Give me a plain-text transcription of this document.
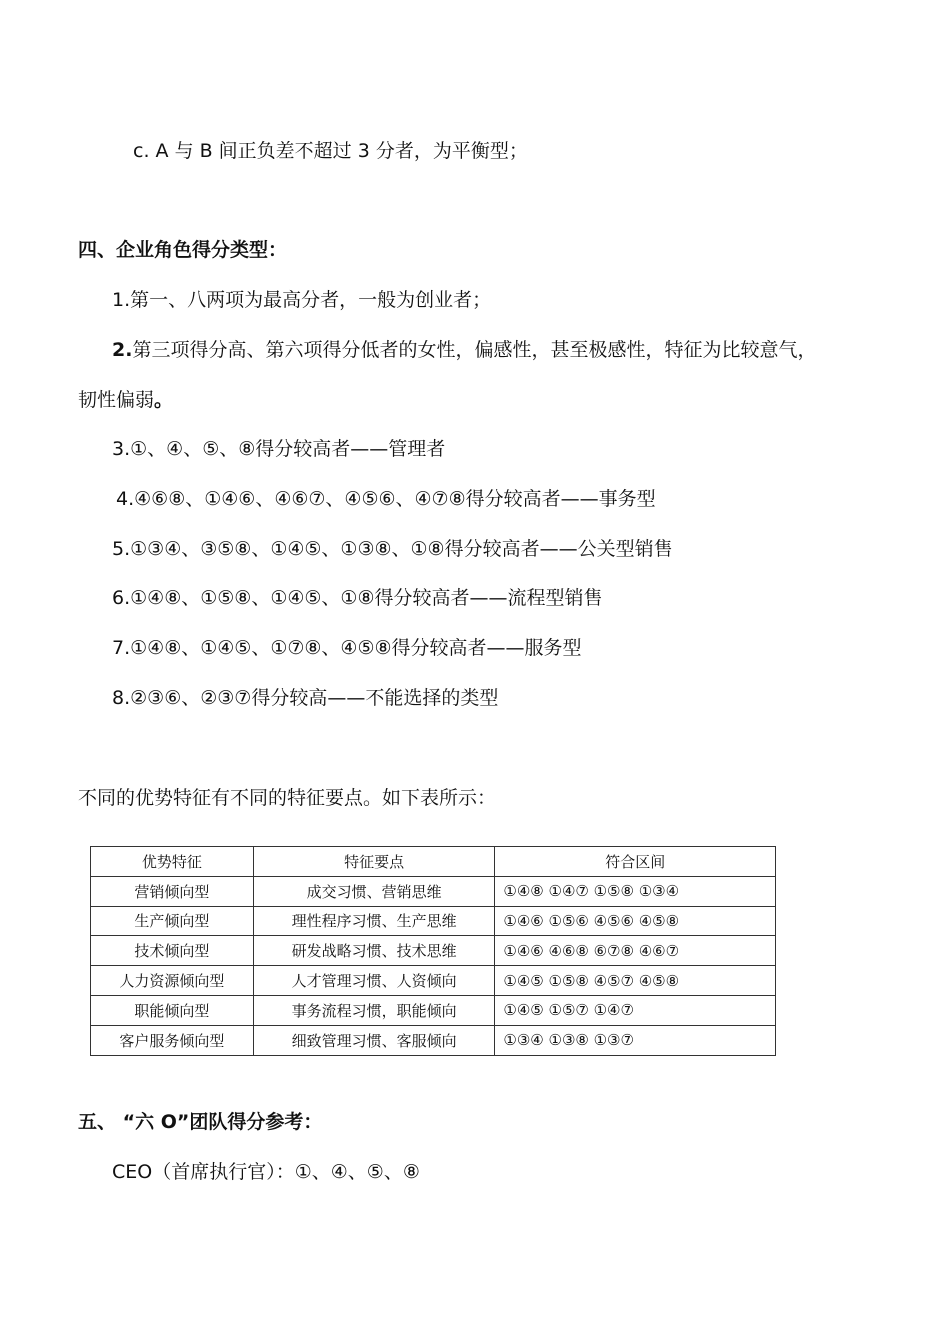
c. A 与 B 间正负差不超过 3 分者，为平衡型；
四、企业角色得分类型：
1.第一、八两项为最高分者，一般为创业者；
2.第三项得分高、第六项得分低者的女性，偏感性，甚至极感性，特征为比较意气，
韧性偏弱。
3.①、④、⑤、⑧得分较高者——管理者
4.④⑥⑧、①④⑥、④⑥⑦、④⑤⑥、④⑦⑧得分较高者——事务型
5.①③④、③⑤⑧、①④⑤、①③⑧、①⑧得分较高者——公关型销售
6.①④⑧、①⑤⑧、①④⑤、①⑧得分较高者——流程型销售
7.①④⑧、①④⑤、①⑦⑧、④⑤⑧得分较高者——服务型
8.②③⑥、②③⑦得分较高——不能选择的类型
不同的优势特征有不同的特征要点。如下表所示：
优势特征	特征要点	符合区间
营销倾向型	成交习惯、营销思维	①④⑧ ①④⑦ ①⑤⑧ ①③④
生产倾向型	理性程序习惯、生产思维	①④⑥ ①⑤⑥ ④⑤⑥ ④⑤⑧
技术倾向型	研发战略习惯、技术思维	①④⑥ ④⑥⑧ ⑥⑦⑧ ④⑥⑦
人力资源倾向型	人才管理习惯、人资倾向	①④⑤ ①⑤⑧ ④⑤⑦ ④⑤⑧
职能倾向型	事务流程习惯，职能倾向	①④⑤ ①⑤⑦ ①④⑦
客户服务倾向型	细致管理习惯、客服倾向	①③④ ①③⑧ ①③⑦
五、 “六 O”团队得分参考：
CEO（首席执行官）：①、④、⑤、⑧
